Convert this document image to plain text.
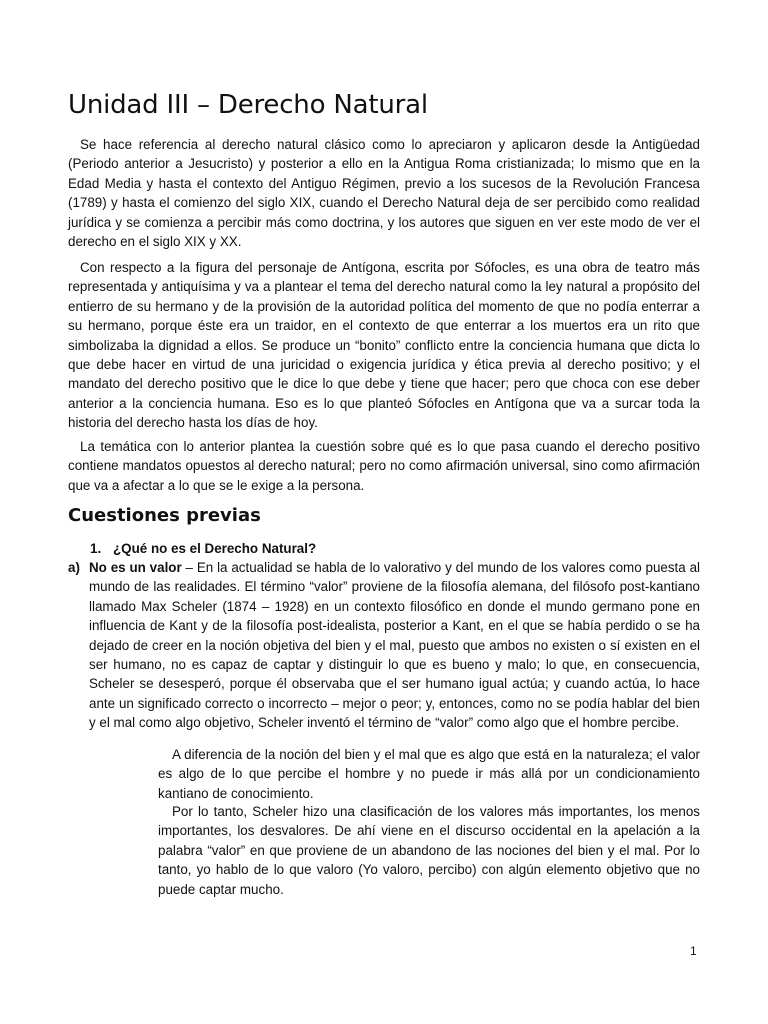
Unidad III – Derecho Natural

Se hace referencia al derecho natural clásico como lo apreciaron y aplicaron desde la Antigüedad (Periodo anterior a Jesucristo) y posterior a ello en la Antigua Roma cristianizada; lo mismo que en la Edad Media y hasta el contexto del Antiguo Régimen, previo a los sucesos de la Revolución Francesa (1789) y hasta el comienzo del siglo XIX, cuando el Derecho Natural deja de ser percibido como realidad jurídica y se comienza a percibir más como doctrina, y los autores que siguen en ver este modo de ver el derecho en el siglo XIX y XX.

Con respecto a la figura del personaje de Antígona, escrita por Sófocles, es una obra de teatro más representada y antiquísima y va a plantear el tema del derecho natural como la ley natural a propósito del entierro de su hermano y de la provisión de la autoridad política del momento de que no podía enterrar a su hermano, porque éste era un traidor, en el contexto de que enterrar a los muertos era un rito que simbolizaba la dignidad a ellos. Se produce un “bonito” conflicto entre la conciencia humana que dicta lo que debe hacer en virtud de una juricidad o exigencia jurídica y ética previa al derecho positivo; y el mandato del derecho positivo que le dice lo que debe y tiene que hacer; pero que choca con ese deber anterior a la conciencia humana. Eso es lo que planteó Sófocles en Antígona que va a surcar toda la historia del derecho hasta los días de hoy.

La temática con lo anterior plantea la cuestión sobre qué es lo que pasa cuando el derecho positivo contiene mandatos opuestos al derecho natural; pero no como afirmación universal, sino como afirmación que va a afectar a lo que se le exige a la persona.

Cuestiones previas
1. ¿Qué no es el Derecho Natural?
a) No es un valor – En la actualidad se habla de lo valorativo y del mundo de los valores como puesta al mundo de las realidades. El término “valor” proviene de la filosofía alemana, del filósofo post-kantiano llamado Max Scheler (1874 – 1928) en un contexto filosófico en donde el mundo germano pone en influencia de Kant y de la filosofía post-idealista, posterior a Kant, en el que se había perdido o se ha dejado de creer en la noción objetiva del bien y el mal, puesto que ambos no existen o sí existen en el ser humano, no es capaz de captar y distinguir lo que es bueno y malo; lo que, en consecuencia, Scheler se desesperó, porque él observaba que el ser humano igual actúa; y cuando actúa, lo hace ante un significado correcto o incorrecto – mejor o peor; y, entonces, como no se podía hablar del bien y el mal como algo objetivo, Scheler inventó el término de “valor” como algo que el hombre percibe.

A diferencia de la noción del bien y el mal que es algo que está en la naturaleza; el valor es algo de lo que percibe el hombre y no puede ir más allá por un condicionamiento kantiano de conocimiento.

Por lo tanto, Scheler hizo una clasificación de los valores más importantes, los menos importantes, los desvalores. De ahí viene en el discurso occidental en la apelación a la palabra “valor” en que proviene de un abandono de las nociones del bien y el mal. Por lo tanto, yo hablo de lo que valoro (Yo valoro, percibo) con algún elemento objetivo que no puede captar mucho.

1
